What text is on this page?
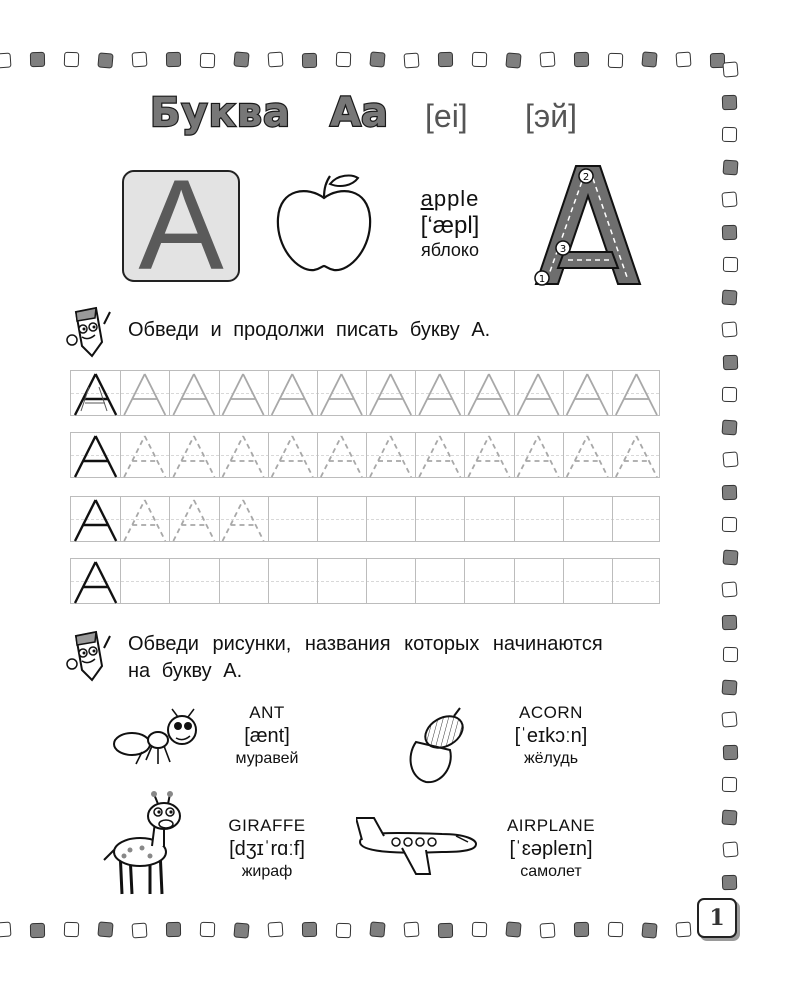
Буква Aa [ei] [эй]
A	apple
[‘æpl]
яблоко
1
2
3
Обведи и продолжи писать букву А.
Обведи рисунки, названия которых начинаются
на букву А.
ANT
[ænt]
муравей
ACORN
[ˈeɪkɔːn]
жёлудь
GIRAFFE
[dʒɪˈrɑːf]
жираф
AIRPLANE
[ˈɛəpleɪn]
самолет
1
